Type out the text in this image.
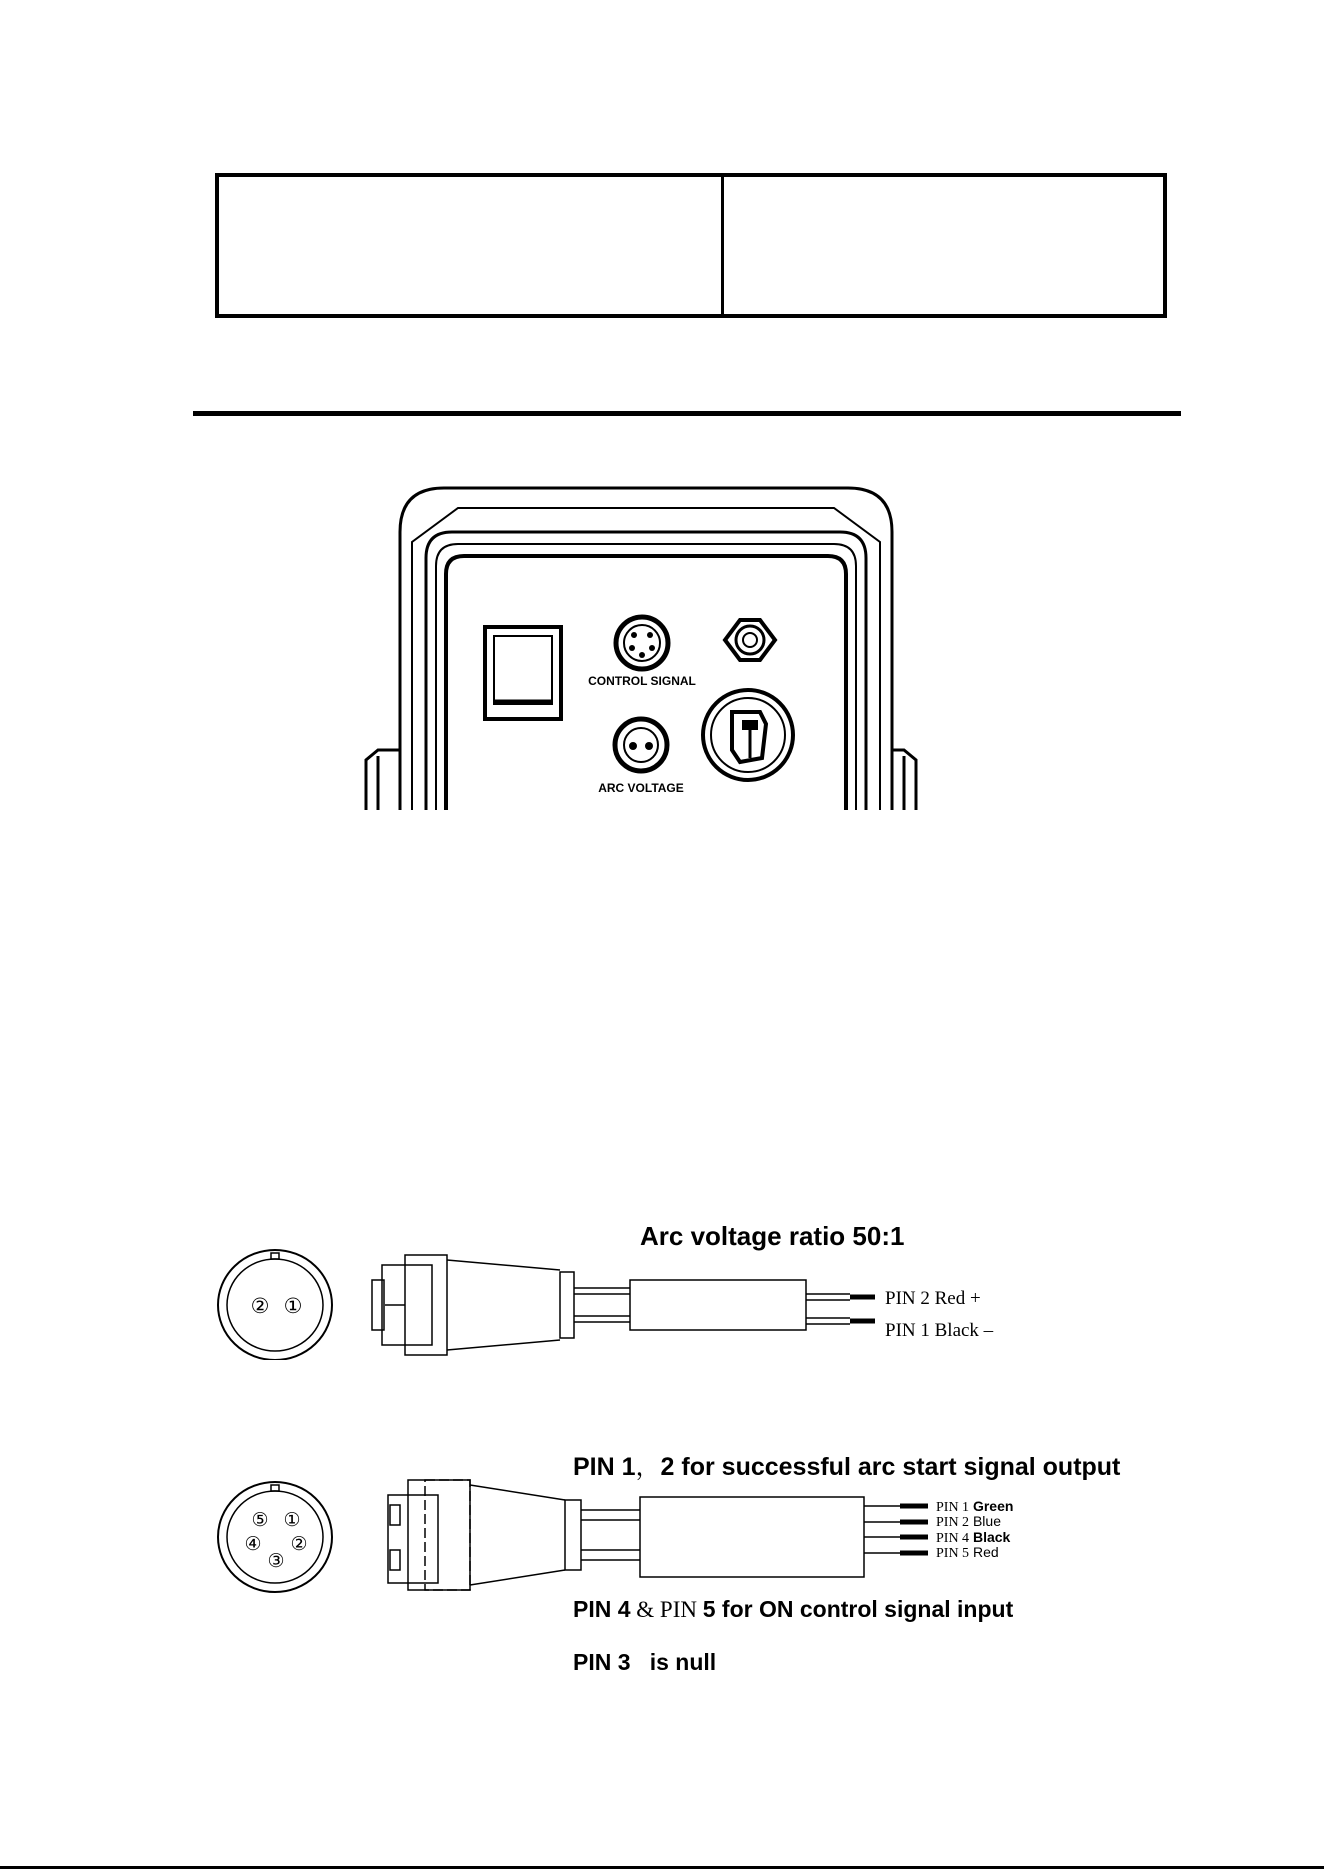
CONTROL SIGNAL
ARC VOLTAGE
Arc voltage ratio 50:1
② ①	PIN 2 Red +
PIN 1 Black –
PIN 1，2 for successful arc start signal output
⑤ ①
④ ②
③
PIN 1 Green
PIN 2 Blue
PIN 4 Black
PIN 5 Red
PIN 4 & PIN 5 for ON control signal input
PIN 3   is null
